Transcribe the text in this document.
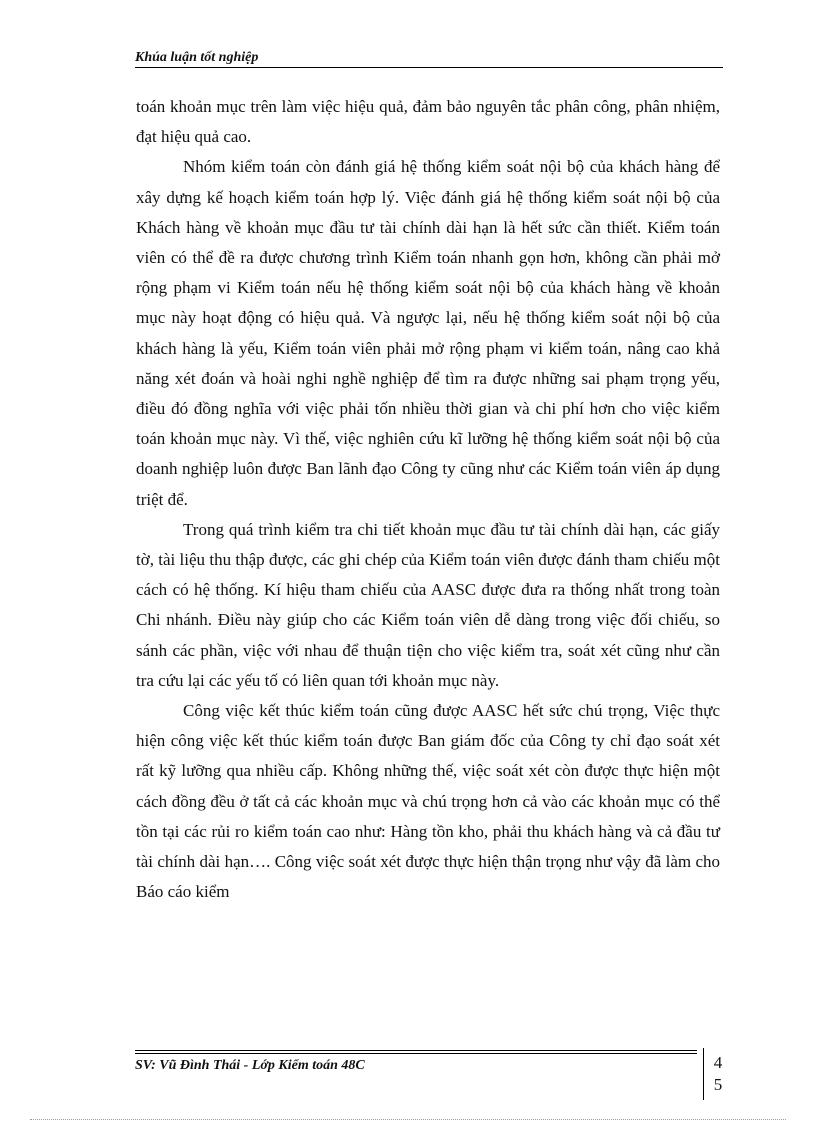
Khúa luận tốt nghiệp

toán khoản mục trên làm việc hiệu quả, đảm bảo nguyên tắc phân công, phân nhiệm, đạt hiệu quả cao.

Nhóm kiểm toán còn đánh giá hệ thống kiểm soát nội bộ của khách hàng để xây dựng kế hoạch kiểm toán hợp lý. Việc đánh giá hệ thống kiểm soát nội bộ của Khách hàng về khoản mục đầu tư tài chính dài hạn là hết sức cần thiết. Kiểm toán viên có thể đề ra được chương trình Kiểm toán nhanh gọn hơn, không cần phải mở rộng phạm vi Kiểm toán nếu hệ thống kiểm soát nội bộ của khách hàng về khoản mục này hoạt động có hiệu quả. Và ngược lại, nếu hệ thống kiểm soát nội bộ của khách hàng là yếu, Kiểm toán viên phải mở rộng phạm vi kiểm toán, nâng cao khả năng xét đoán và hoài nghi nghề nghiệp để tìm ra được những sai phạm trọng yếu, điều đó đồng nghĩa với việc phải tốn nhiều thời gian và chi phí hơn cho việc kiểm toán khoản mục này. Vì thế, việc nghiên cứu kĩ lưỡng hệ thống kiểm soát nội bộ của doanh nghiệp luôn được Ban lãnh đạo Công ty cũng như các Kiểm toán viên áp dụng triệt để.

Trong quá trình kiểm tra chi tiết khoản mục đầu tư tài chính dài hạn, các giấy tờ, tài liệu thu thập được, các ghi chép của Kiểm toán viên được đánh tham chiếu một cách có hệ thống. Kí hiệu tham chiếu của AASC được đưa ra thống nhất trong toàn Chi nhánh. Điều này giúp cho các Kiểm toán viên dễ dàng trong việc đối chiếu, so sánh các phần, việc với nhau để thuận tiện cho việc kiểm tra, soát xét cũng như cần tra cứu lại các yếu tố có liên quan tới khoản mục này.

Công việc kết thúc kiểm toán cũng được AASC hết sức chú trọng, Việc thực hiện công việc kết thúc kiểm toán được Ban giám đốc của Công ty chỉ đạo soát xét rất kỹ lưỡng qua nhiều cấp. Không những thế, việc soát xét còn được thực hiện một cách đồng đều ở tất cả các khoản mục và chú trọng hơn cả vào các khoản mục có thể tồn tại các rủi ro kiểm toán cao như: Hàng tồn kho, phải thu khách hàng và cả đầu tư tài chính dài hạn…. Công việc soát xét được thực hiện thận trọng như vậy đã làm cho Báo cáo kiểm

SV: Vũ Đình Thái - Lớp Kiểm toán 48C	4
5
